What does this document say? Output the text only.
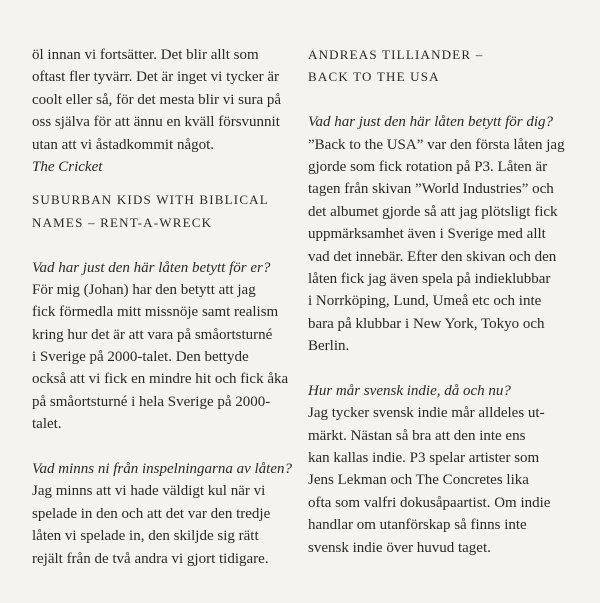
öl innan vi fortsätter. Det blir allt som
oftast fler tyvärr. Det är inget vi tycker är
coolt eller så, för det mesta blir vi sura på
oss själva för att ännu en kväll försvunnit
utan att vi åstadkommit något.
The Cricket
SUBURBAN KIDS WITH BIBLICAL
NAMES – RENT-A-WRECK
Vad har just den här låten betytt för er?
För mig (Johan) har den betytt att jag
fick förmedla mitt missnöje samt realism
kring hur det är att vara på småortsturné
i Sverige på 2000-talet. Den bettyde
också att vi fick en mindre hit och fick åka
på småortsturné i hela Sverige på 2000-
talet.
Vad minns ni från inspelningarna av låten?
Jag minns att vi hade väldigt kul när vi
spelade in den och att det var den tredje
låten vi spelade in, den skiljde sig rätt
rejält från de två andra vi gjort tidigare.
ANDREAS TILLIANDER –
BACK TO THE USA
Vad har just den här låten betytt för dig?
”Back to the USA” var den första låten jag
gjorde som fick rotation på P3. Låten är
tagen från skivan ”World Industries” och
det albumet gjorde så att jag plötsligt fick
uppmärksamhet även i Sverige med allt
vad det innebär. Efter den skivan och den
låten fick jag även spela på indieklubbar
i Norrköping, Lund, Umeå etc och inte
bara på klubbar i New York, Tokyo och
Berlin.
Hur mår svensk indie, då och nu?
Jag tycker svensk indie mår alldeles ut-
märkt. Nästan så bra att den inte ens
kan kallas indie. P3 spelar artister som
Jens Lekman och The Concretes lika
ofta som valfri dokusåpaartist. Om indie
handlar om utanförskap så finns inte
svensk indie över huvud taget.
